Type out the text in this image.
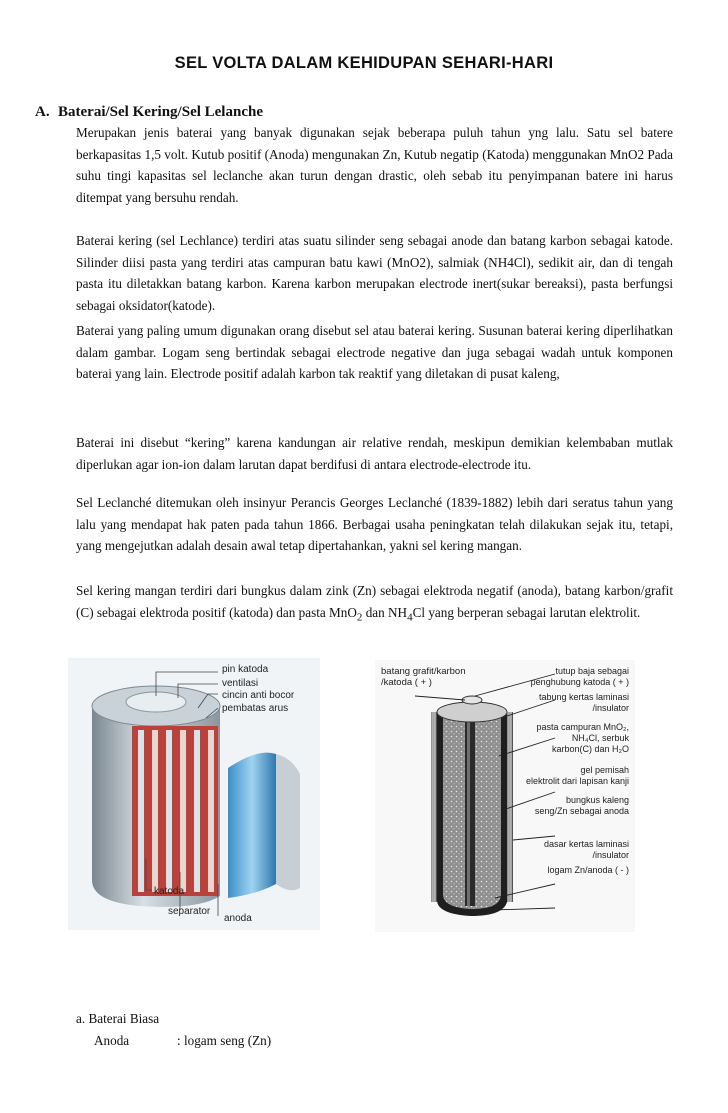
SEL VOLTA DALAM KEHIDUPAN SEHARI-HARI
A. Baterai/Sel Kering/Sel Lelanche
Merupakan jenis baterai yang banyak digunakan sejak beberapa puluh tahun yng lalu. Satu sel batere berkapasitas 1,5 volt. Kutub positif (Anoda) mengunakan Zn, Kutub negatip (Katoda) menggunakan MnO2 Pada suhu tingi kapasitas sel leclanche akan turun dengan drastic, oleh sebab itu penyimpanan batere ini harus ditempat yang bersuhu rendah.
Baterai kering (sel Lechlance) terdiri atas suatu silinder seng sebagai anode dan batang karbon sebagai katode. Silinder diisi pasta yang terdiri atas campuran batu kawi (MnO2), salmiak (NH4Cl), sedikit air, dan di tengah pasta itu diletakkan batang karbon. Karena karbon merupakan electrode inert(sukar bereaksi), pasta berfungsi sebagai oksidator(katode).
Baterai yang paling umum digunakan orang disebut sel atau baterai kering. Susunan baterai kering diperlihatkan dalam gambar. Logam seng bertindak sebagai electrode negative dan juga sebagai wadah untuk komponen baterai yang lain. Electrode positif adalah karbon tak reaktif yang diletakan di pusat kaleng,
Baterai ini disebut “kering” karena kandungan air relative rendah, meskipun demikian kelembaban mutlak diperlukan agar ion-ion dalam larutan dapat berdifusi di antara electrode-electrode itu.
Sel Leclanché ditemukan oleh insinyur Perancis Georges Leclanché (1839-1882) lebih dari seratus tahun yang lalu yang mendapat hak paten pada tahun 1866. Berbagai usaha peningkatan telah dilakukan sejak itu, tetapi, yang mengejutkan adalah desain awal tetap dipertahankan, yakni sel kering mangan.
Sel kering mangan terdiri dari bungkus dalam zink (Zn) sebagai elektroda negatif (anoda), batang karbon/grafit (C) sebagai elektroda positif (katoda) dan pasta MnO$_2$ dan $NH_4Cl$ yang berperan sebagai larutan elektrolit.
pin katoda
ventilasi
cincin anti bocor
pembatas arus
katoda
separator
anoda
batang grafit/karbon
/katoda ( + )
tutup baja sebagai
penghubung katoda ( + )
tabung kertas laminasi
/insulator
pasta campuran MnO₂,
NH₄Cl, serbuk
karbon(C) dan H₂O
gel pemisah
elektrolit dari lapisan kanji
bungkus kaleng
seng/Zn sebagai anoda
dasar kertas laminasi
/insulator
logam Zn/anoda ( - )
a. Baterai Biasa
Anoda	: logam seng (Zn)
